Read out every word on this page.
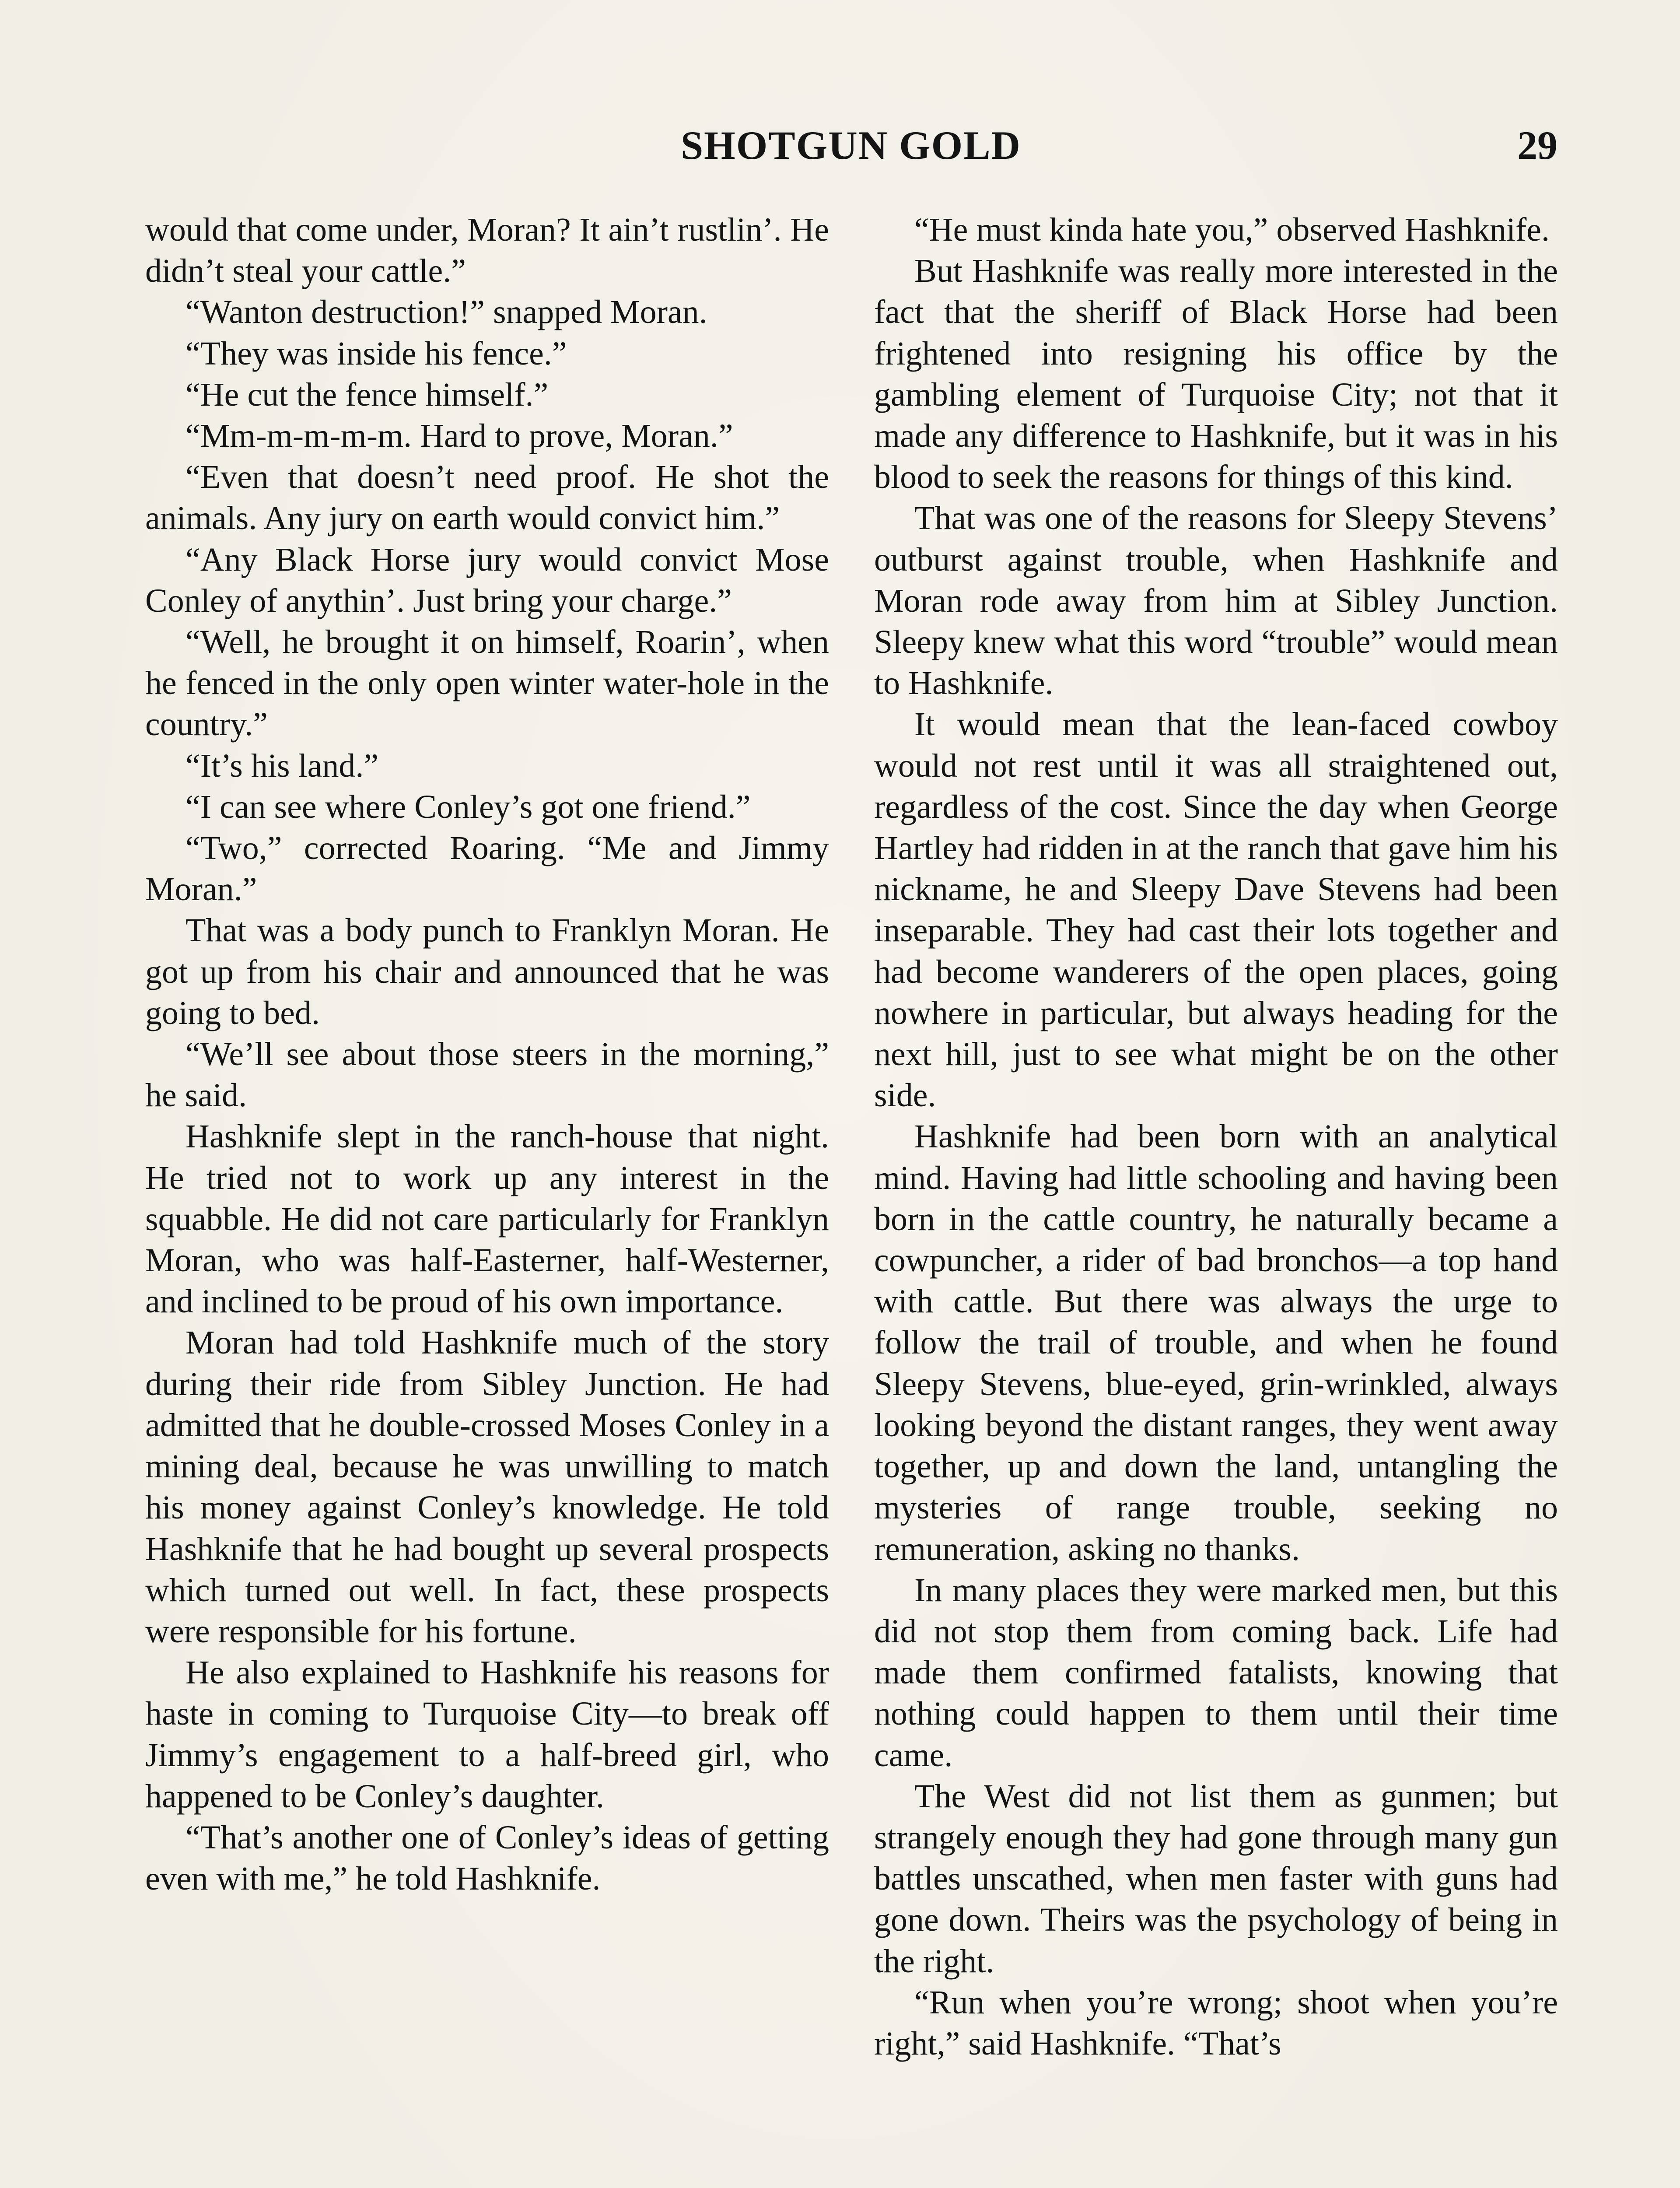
SHOTGUN GOLD	29

would that come under, Moran? It ain’t rustlin’. He didn’t steal your cattle.”

“Wanton destruction!” snapped Moran.

“They was inside his fence.”

“He cut the fence himself.”

“Mm-m-m-m-m. Hard to prove, Moran.”

“Even that doesn’t need proof. He shot the animals. Any jury on earth would convict him.”

“Any Black Horse jury would convict Mose Conley of anythin’. Just bring your charge.”

“Well, he brought it on himself, Roarin’, when he fenced in the only open winter water-hole in the country.”

“It’s his land.”

“I can see where Conley’s got one friend.”

“Two,” corrected Roaring. “Me and Jimmy Moran.”

That was a body punch to Franklyn Moran. He got up from his chair and announced that he was going to bed.

“We’ll see about those steers in the morning,” he said.

Hashknife slept in the ranch-house that night. He tried not to work up any interest in the squabble. He did not care particularly for Franklyn Moran, who was half-Easterner, half-Westerner, and inclined to be proud of his own importance.

Moran had told Hashknife much of the story during their ride from Sibley Junction. He had admitted that he double-crossed Moses Conley in a mining deal, because he was unwilling to match his money against Conley’s knowledge. He told Hashknife that he had bought up several prospects which turned out well. In fact, these prospects were responsible for his fortune.

He also explained to Hashknife his reasons for haste in coming to Turquoise City—to break off Jimmy’s engagement to a half-breed girl, who happened to be Conley’s daughter.

“That’s another one of Conley’s ideas of getting even with me,” he told Hashknife.

“He must kinda hate you,” observed Hashknife.

But Hashknife was really more interested in the fact that the sheriff of Black Horse had been frightened into resigning his office by the gambling element of Turquoise City; not that it made any difference to Hashknife, but it was in his blood to seek the reasons for things of this kind.

That was one of the reasons for Sleepy Stevens’ outburst against trouble, when Hashknife and Moran rode away from him at Sibley Junction. Sleepy knew what this word “trouble” would mean to Hashknife.

It would mean that the lean-faced cowboy would not rest until it was all straightened out, regardless of the cost. Since the day when George Hartley had ridden in at the ranch that gave him his nickname, he and Sleepy Dave Stevens had been inseparable. They had cast their lots together and had become wanderers of the open places, going nowhere in particular, but always heading for the next hill, just to see what might be on the other side.

Hashknife had been born with an analytical mind. Having had little schooling and having been born in the cattle country, he naturally became a cowpuncher, a rider of bad bronchos—a top hand with cattle. But there was always the urge to follow the trail of trouble, and when he found Sleepy Stevens, blue-eyed, grin-wrinkled, always looking beyond the distant ranges, they went away together, up and down the land, untangling the mysteries of range trouble, seeking no remuneration, asking no thanks.

In many places they were marked men, but this did not stop them from coming back. Life had made them confirmed fatalists, knowing that nothing could happen to them until their time came.

The West did not list them as gunmen; but strangely enough they had gone through many gun battles unscathed, when men faster with guns had gone down. Theirs was the psychology of being in the right.

“Run when you’re wrong; shoot when you’re right,” said Hashknife. “That’s
